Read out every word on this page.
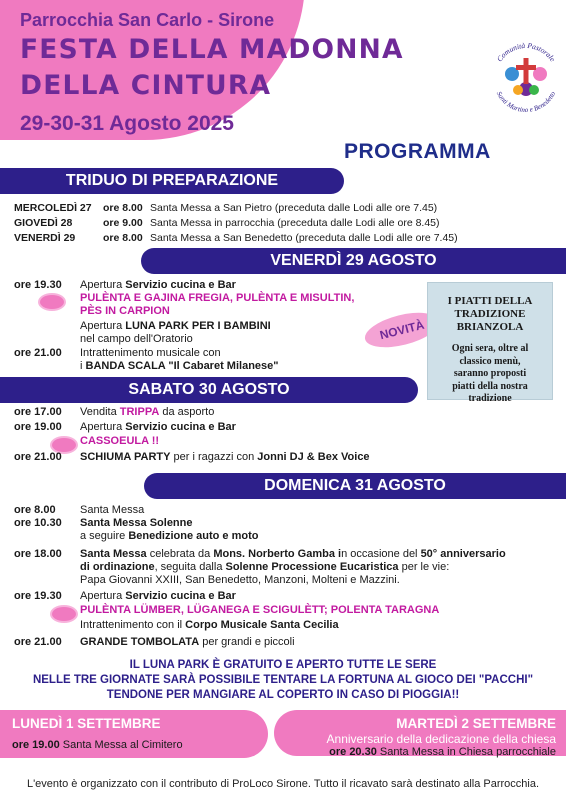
Parrocchia San Carlo - Sirone
FESTA DELLA MADONNA
DELLA CINTURA
29-30-31 Agosto 2025
Comunità Pastorale
Santi Martino e Benedetto
PROGRAMMA
TRIDUO DI PREPARAZIONE
MERCOLEDÌ 27 ore 8.00 Santa Messa a San Pietro (preceduta dalle Lodi alle ore 7.45)
GIOVEDÌ 28	ore 9.00 Santa Messa in parrocchia (preceduta dalle Lodi alle ore 8.45)
VENERDÌ 29	ore 8.00 Santa Messa a San Benedetto (preceduta dalle Lodi alle ore 7.45)
VENERDÌ 29 AGOSTO
ore 19.30 Apertura Servizio cucina e Bar
PULÈNTA E GAJINA FREGIA, PULÈNTA E MISULTIN,
PÈS IN CARPION
Apertura LUNA PARK PER I BAMBINI
nel campo dell'Oratorio
ore 21.00 Intrattenimento musicale con
i BANDA SCALA "Il Cabaret Milanese"
NOVITÀ
I PIATTI DELLA
TRADIZIONE
BRIANZOLA
Ogni sera, oltre al
classico menù,
saranno proposti
piatti della nostra
tradizione
SABATO 30 AGOSTO
ore 17.00 Vendita TRIPPA da asporto
ore 19.00 Apertura Servizio cucina e Bar
CASSOEULA !!
ore 21.00 SCHIUMA PARTY per i ragazzi con Jonni DJ & Bex Voice
DOMENICA 31 AGOSTO
ore 8.00 Santa Messa
ore 10.30 Santa Messa Solenne
a seguire Benedizione auto e moto
ore 18.00 Santa Messa celebrata da Mons. Norberto Gamba in occasione del 50° anniversario
di ordinazione, seguita dalla Solenne Processione Eucaristica per le vie:
Papa Giovanni XXIII, San Benedetto, Manzoni, Molteni e Mazzini.
ore 19.30 Apertura Servizio cucina e Bar
PULÈNTA LÜMBER, LÜGANEGA E SCIGULÈTT; POLENTA TARAGNA
Intrattenimento con il Corpo Musicale Santa Cecilia
ore 21.00 GRANDE TOMBOLATA per grandi e piccoli
IL LUNA PARK È GRATUITO E APERTO TUTTE LE SERE
NELLE TRE GIORNATE SARÀ POSSIBILE TENTARE LA FORTUNA AL GIOCO DEI "PACCHI"
TENDONE PER MANGIARE AL COPERTO IN CASO DI PIOGGIA!!
LUNEDÌ 1 SETTEMBRE
ore 19.00 Santa Messa al Cimitero
MARTEDÌ 2 SETTEMBRE
Anniversario della dedicazione della chiesa
ore 20.30 Santa Messa in Chiesa parrocchiale
L'evento è organizzato con il contributo di ProLoco Sirone. Tutto il ricavato sarà destinato alla Parrocchia.
